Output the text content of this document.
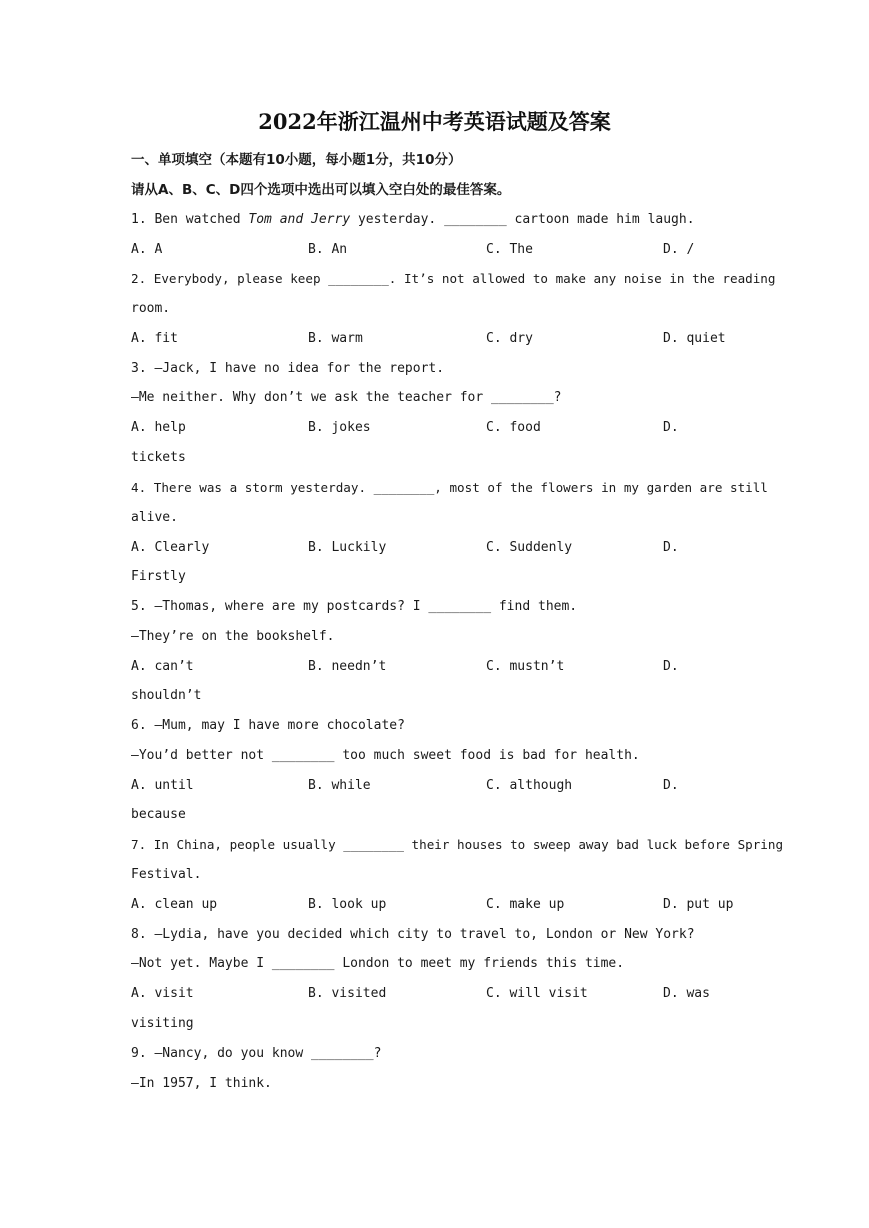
2022年浙江温州中考英语试题及答案
一、单项填空（本题有10小题，每小题1分，共10分）
请从A、B、C、D四个选项中选出可以填入空白处的最佳答案。
1. Ben watched Tom and Jerry yesterday. ________ cartoon made him laugh.
A. A	B. An	C. The	D. /
2. Everybody, please keep ________. It’s not allowed to make any noise in the reading
room.
A. fit	B. warm	C. dry	D. quiet
3. —Jack, I have no idea for the report.
—Me neither. Why don’t we ask the teacher for ________?
A. help	B. jokes	C. food	D.
tickets
4. There was a storm yesterday. ________, most of the flowers in my garden are still
alive.
A. Clearly	B. Luckily	C. Suddenly	D.
Firstly
5. —Thomas, where are my postcards? I ________ find them.
—They’re on the bookshelf.
A. can’t	B. needn’t	C. mustn’t	D.
shouldn’t
6. —Mum, may I have more chocolate?
—You’d better not ________ too much sweet food is bad for health.
A. until	B. while	C. although	D.
because
7. In China, people usually ________ their houses to sweep away bad luck before Spring
Festival.
A. clean up	B. look up	C. make up	D. put up
8. —Lydia, have you decided which city to travel to, London or New York?
—Not yet. Maybe I ________ London to meet my friends this time.
A. visit	B. visited	C. will visit	D. was
visiting
9. —Nancy, do you know ________?
—In 1957, I think.
